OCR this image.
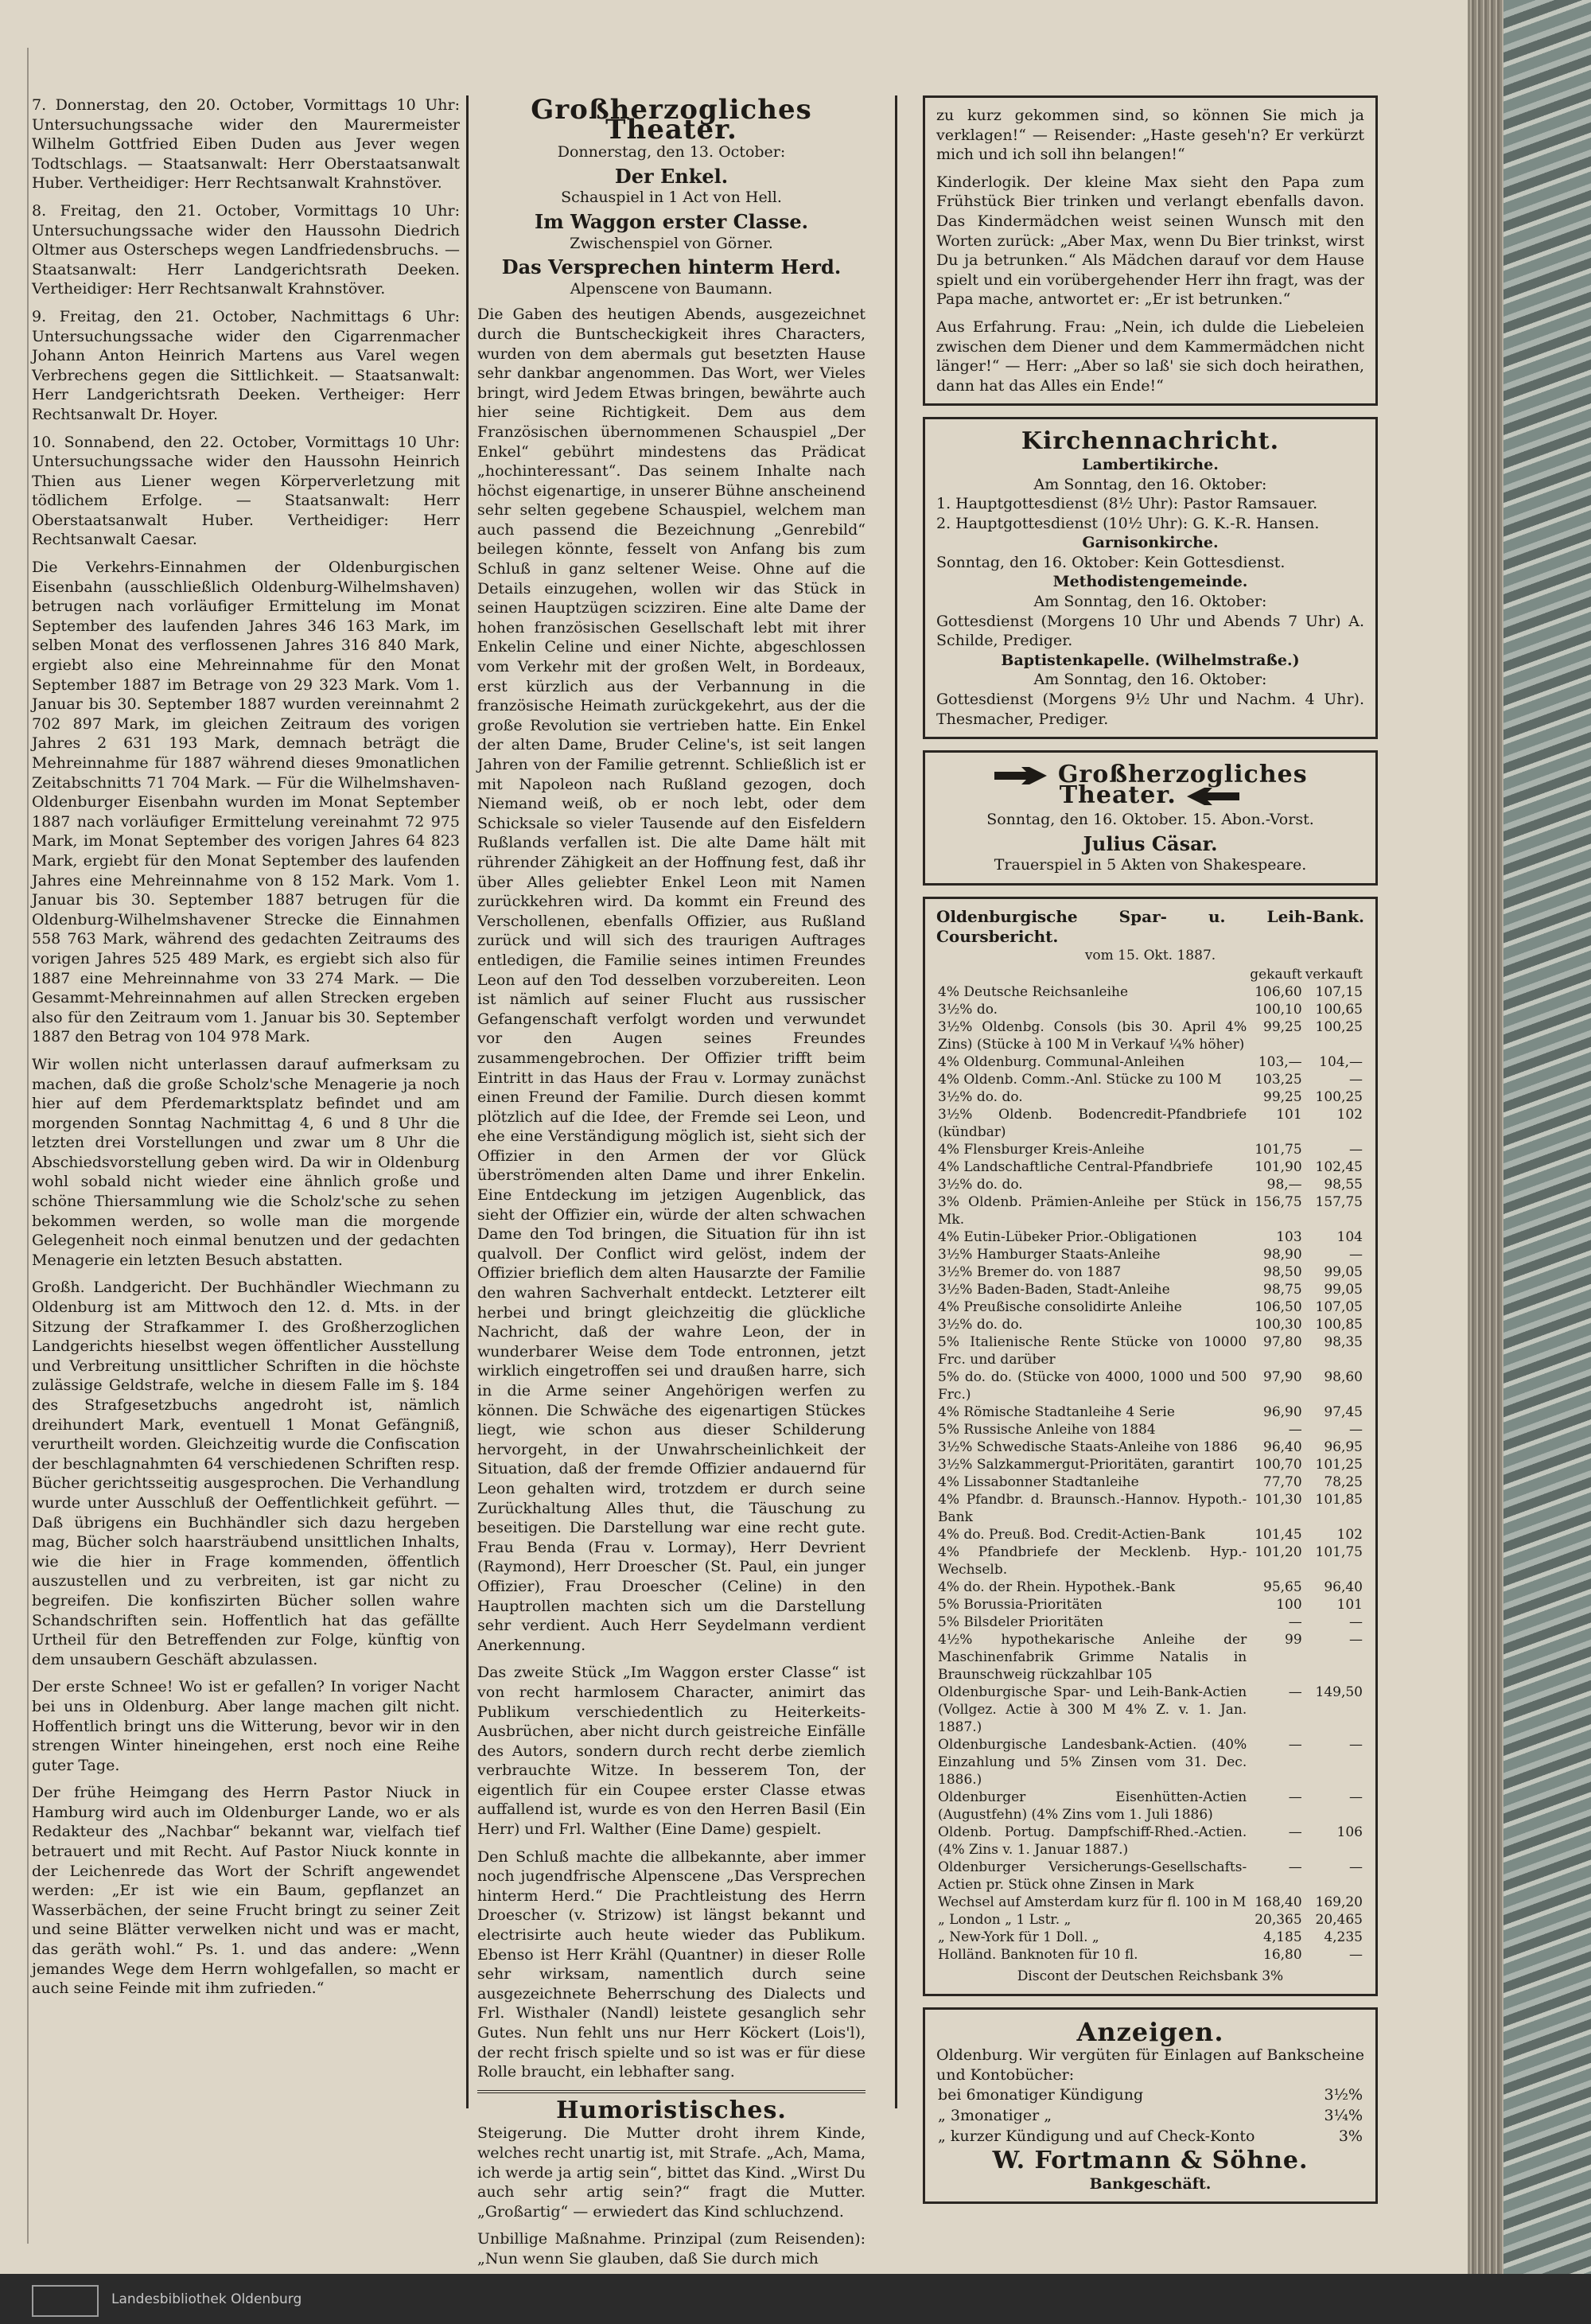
7. Donnerstag, den 20. October, Vormittags 10 Uhr: Untersuchungssache wider den Maurermeister Wilhelm Gottfried Eiben Duden aus Jever wegen Todtschlags. — Staatsanwalt: Herr Oberstaatsanwalt Huber. Vertheidiger: Herr Rechtsanwalt Krahnstöver.

8. Freitag, den 21. October, Vormittags 10 Uhr: Untersuchungssache wider den Haussohn Diedrich Oltmer aus Osterscheps wegen Landfriedensbruchs. — Staatsanwalt: Herr Landgerichtsrath Deeken. Vertheidiger: Herr Rechtsanwalt Krahnstöver.

9. Freitag, den 21. October, Nachmittags 6 Uhr: Untersuchungssache wider den Cigarrenmacher Johann Anton Heinrich Martens aus Varel wegen Verbrechens gegen die Sittlichkeit. — Staatsanwalt: Herr Landgerichtsrath Deeken. Vertheiger: Herr Rechtsanwalt Dr. Hoyer.

10. Sonnabend, den 22. October, Vormittags 10 Uhr: Untersuchungssache wider den Haussohn Heinrich Thien aus Liener wegen Körperverletzung mit tödlichem Erfolge. — Staatsanwalt: Herr Oberstaatsanwalt Huber. Vertheidiger: Herr Rechtsanwalt Caesar.

Die Verkehrs-Einnahmen der Oldenburgischen Eisenbahn (ausschließlich Oldenburg-Wilhelmshaven) betrugen nach vorläufiger Ermittelung im Monat September des laufenden Jahres 346 163 Mark, im selben Monat des verflossenen Jahres 316 840 Mark, ergiebt also eine Mehreinnahme für den Monat September 1887 im Betrage von 29 323 Mark. Vom 1. Januar bis 30. September 1887 wurden vereinnahmt 2 702 897 Mark, im gleichen Zeitraum des vorigen Jahres 2 631 193 Mark, demnach beträgt die Mehreinnahme für 1887 während dieses 9monatlichen Zeitabschnitts 71 704 Mark. — Für die Wilhelmshaven-Oldenburger Eisenbahn wurden im Monat September 1887 nach vorläufiger Ermittelung vereinahmt 72 975 Mark, im Monat September des vorigen Jahres 64 823 Mark, ergiebt für den Monat September des laufenden Jahres eine Mehreinnahme von 8 152 Mark. Vom 1. Januar bis 30. September 1887 betrugen für die Oldenburg-Wilhelmshavener Strecke die Einnahmen 558 763 Mark, während des gedachten Zeitraums des vorigen Jahres 525 489 Mark, es ergiebt sich also für 1887 eine Mehreinnahme von 33 274 Mark. — Die Gesammt-Mehreinnahmen auf allen Strecken ergeben also für den Zeitraum vom 1. Januar bis 30. September 1887 den Betrag von 104 978 Mark.

Wir wollen nicht unterlassen darauf aufmerksam zu machen, daß die große Scholz'sche Menagerie ja noch hier auf dem Pferdemarktsplatz befindet und am morgenden Sonntag Nachmittag 4, 6 und 8 Uhr die letzten drei Vorstellungen und zwar um 8 Uhr die Abschiedsvorstellung geben wird. Da wir in Oldenburg wohl sobald nicht wieder eine ähnlich große und schöne Thiersammlung wie die Scholz'sche zu sehen bekommen werden, so wolle man die morgende Gelegenheit noch einmal benutzen und der gedachten Menagerie ein letzten Besuch abstatten.

Großh. Landgericht. Der Buchhändler Wiechmann zu Oldenburg ist am Mittwoch den 12. d. Mts. in der Sitzung der Strafkammer I. des Großherzoglichen Landgerichts hieselbst wegen öffentlicher Ausstellung und Verbreitung unsittlicher Schriften in die höchste zulässige Geldstrafe, welche in diesem Falle im §. 184 des Strafgesetzbuchs angedroht ist, nämlich dreihundert Mark, eventuell 1 Monat Gefängniß, verurtheilt worden. Gleichzeitig wurde die Confiscation der beschlagnahmten 64 verschiedenen Schriften resp. Bücher gerichtsseitig ausgesprochen. Die Verhandlung wurde unter Ausschluß der Oeffentlichkeit geführt. — Daß übrigens ein Buchhändler sich dazu hergeben mag, Bücher solch haarsträubend unsittlichen Inhalts, wie die hier in Frage kommenden, öffentlich auszustellen und zu verbreiten, ist gar nicht zu begreifen. Die konfiszirten Bücher sollen wahre Schandschriften sein. Hoffentlich hat das gefällte Urtheil für den Betreffenden zur Folge, künftig von dem unsaubern Geschäft abzulassen.

Der erste Schnee! Wo ist er gefallen? In voriger Nacht bei uns in Oldenburg. Aber lange machen gilt nicht. Hoffentlich bringt uns die Witterung, bevor wir in den strengen Winter hineingehen, erst noch eine Reihe guter Tage.

Der frühe Heimgang des Herrn Pastor Niuck in Hamburg wird auch im Oldenburger Lande, wo er als Redakteur des „Nachbar“ bekannt war, vielfach tief betrauert und mit Recht. Auf Pastor Niuck konnte in der Leichenrede das Wort der Schrift angewendet werden: „Er ist wie ein Baum, gepflanzet an Wasserbächen, der seine Frucht bringt zu seiner Zeit und seine Blätter verwelken nicht und was er macht, das geräth wohl.“ Ps. 1. und das andere: „Wenn jemandes Wege dem Herrn wohlgefallen, so macht er auch seine Feinde mit ihm zufrieden.“

Großherzogliches Theater.
Donnerstag, den 13. October:
Der Enkel.
Schauspiel in 1 Act von Hell.
Im Waggon erster Classe.
Zwischenspiel von Görner.
Das Versprechen hinterm Herd.
Alpenscene von Baumann.

Die Gaben des heutigen Abends, ausgezeichnet durch die Buntscheckigkeit ihres Characters, wurden von dem abermals gut besetzten Hause sehr dankbar angenommen. Das Wort, wer Vieles bringt, wird Jedem Etwas bringen, bewährte auch hier seine Richtigkeit. Dem aus dem Französischen übernommenen Schauspiel „Der Enkel“ gebührt mindestens das Prädicat „hochinteressant“. Das seinem Inhalte nach höchst eigenartige, in unserer Bühne anscheinend sehr selten gegebene Schauspiel, welchem man auch passend die Bezeichnung „Genrebild“ beilegen könnte, fesselt von Anfang bis zum Schluß in ganz seltener Weise. Ohne auf die Details einzugehen, wollen wir das Stück in seinen Hauptzügen scizziren. Eine alte Dame der hohen französischen Gesellschaft lebt mit ihrer Enkelin Celine und einer Nichte, abgeschlossen vom Verkehr mit der großen Welt, in Bordeaux, erst kürzlich aus der Verbannung in die französische Heimath zurückgekehrt, aus der die große Revolution sie vertrieben hatte. Ein Enkel der alten Dame, Bruder Celine's, ist seit langen Jahren von der Familie getrennt. Schließlich ist er mit Napoleon nach Rußland gezogen, doch Niemand weiß, ob er noch lebt, oder dem Schicksale so vieler Tausende auf den Eisfeldern Rußlands verfallen ist. Die alte Dame hält mit rührender Zähigkeit an der Hoffnung fest, daß ihr über Alles geliebter Enkel Leon mit Namen zurückkehren wird. Da kommt ein Freund des Verschollenen, ebenfalls Offizier, aus Rußland zurück und will sich des traurigen Auftrages entledigen, die Familie seines intimen Freundes Leon auf den Tod desselben vorzubereiten. Leon ist nämlich auf seiner Flucht aus russischer Gefangenschaft verfolgt worden und verwundet vor den Augen seines Freundes zusammengebrochen. Der Offizier trifft beim Eintritt in das Haus der Frau v. Lormay zunächst einen Freund der Familie. Durch diesen kommt plötzlich auf die Idee, der Fremde sei Leon, und ehe eine Verständigung möglich ist, sieht sich der Offizier in den Armen der vor Glück überströmenden alten Dame und ihrer Enkelin. Eine Entdeckung im jetzigen Augenblick, das sieht der Offizier ein, würde der alten schwachen Dame den Tod bringen, die Situation für ihn ist qualvoll. Der Conflict wird gelöst, indem der Offizier brieflich dem alten Hausarzte der Familie den wahren Sachverhalt entdeckt. Letzterer eilt herbei und bringt gleichzeitig die glückliche Nachricht, daß der wahre Leon, der in wunderbarer Weise dem Tode entronnen, jetzt wirklich eingetroffen sei und draußen harre, sich in die Arme seiner Angehörigen werfen zu können. Die Schwäche des eigenartigen Stückes liegt, wie schon aus dieser Schilderung hervorgeht, in der Unwahrscheinlichkeit der Situation, daß der fremde Offizier andauernd für Leon gehalten wird, trotzdem er durch seine Zurückhaltung Alles thut, die Täuschung zu beseitigen. Die Darstellung war eine recht gute. Frau Benda (Frau v. Lormay), Herr Devrient (Raymond), Herr Droescher (St. Paul, ein junger Offizier), Frau Droescher (Celine) in den Hauptrollen machten sich um die Darstellung sehr verdient. Auch Herr Seydelmann verdient Anerkennung.

Das zweite Stück „Im Waggon erster Classe“ ist von recht harmlosem Character, animirt das Publikum verschiedentlich zu Heiterkeits-Ausbrüchen, aber nicht durch geistreiche Einfälle des Autors, sondern durch recht derbe ziemlich verbrauchte Witze. In besserem Ton, der eigentlich für ein Coupee erster Classe etwas auffallend ist, wurde es von den Herren Basil (Ein Herr) und Frl. Walther (Eine Dame) gespielt.

Den Schluß machte die allbekannte, aber immer noch jugendfrische Alpenscene „Das Versprechen hinterm Herd.“ Die Prachtleistung des Herrn Droescher (v. Strizow) ist längst bekannt und electrisirte auch heute wieder das Publikum. Ebenso ist Herr Krähl (Quantner) in dieser Rolle sehr wirksam, namentlich durch seine ausgezeichnete Beherrschung des Dialects und Frl. Wisthaler (Nandl) leistete gesanglich sehr Gutes. Nun fehlt uns nur Herr Köckert (Lois'l), der recht frisch spielte und so ist was er für diese Rolle braucht, ein lebhafter sang.

Humoristisches.

Steigerung. Die Mutter droht ihrem Kinde, welches recht unartig ist, mit Strafe. „Ach, Mama, ich werde ja artig sein“, bittet das Kind. „Wirst Du auch sehr artig sein?“ fragt die Mutter. „Großartig“ — erwiedert das Kind schluchzend.

Unbillige Maßnahme. Prinzipal (zum Reisenden): „Nun wenn Sie glauben, daß Sie durch mich

zu kurz gekommen sind, so können Sie mich ja verklagen!“ — Reisender: „Haste geseh'n? Er verkürzt mich und ich soll ihn belangen!“

Kinderlogik. Der kleine Max sieht den Papa zum Frühstück Bier trinken und verlangt ebenfalls davon. Das Kindermädchen weist seinen Wunsch mit den Worten zurück: „Aber Max, wenn Du Bier trinkst, wirst Du ja betrunken.“ Als Mädchen darauf vor dem Hause spielt und ein vorübergehender Herr ihn fragt, was der Papa mache, antwortet er: „Er ist betrunken.“

Aus Erfahrung. Frau: „Nein, ich dulde die Liebeleien zwischen dem Diener und dem Kammermädchen nicht länger!“ — Herr: „Aber so laß' sie sich doch heirathen, dann hat das Alles ein Ende!“

Kirchennachricht.
Lambertikirche.
Am Sonntag, den 16. Oktober:
1. Hauptgottesdienst (8½ Uhr): Pastor Ramsauer.
2. Hauptgottesdienst (10½ Uhr): G. K.-R. Hansen.
Garnisonkirche.
Sonntag, den 16. Oktober: Kein Gottesdienst.
Methodistengemeinde.
Am Sonntag, den 16. Oktober:
Gottesdienst (Morgens 10 Uhr und Abends 7 Uhr) A. Schilde, Prediger.
Baptistenkapelle. (Wilhelmstraße.)
Am Sonntag, den 16. Oktober:
Gottesdienst (Morgens 9½ Uhr und Nachm. 4 Uhr). Thesmacher, Prediger.
Großherzogliches Theater.
Sonntag, den 16. Oktober. 15. Abon.-Vorst.
Julius Cäsar.
Trauerspiel in 5 Akten von Shakespeare.
Oldenburgische Spar- u. Leih-Bank. Coursbericht.
vom 15. Okt. 1887.
	gekauft	verkauft
4% Deutsche Reichsanleihe	106,60	107,15
3½% do.	100,10	100,65
3½% Oldenbg. Consols (bis 30. April 4% Zins) (Stücke à 100 M in Verkauf ¼% höher)	99,25	100,25
4% Oldenburg. Communal-Anleihen	103,—	104,—
4% Oldenb. Comm.-Anl. Stücke zu 100 M	103,25	—
3½% do. do.	99,25	100,25
3½% Oldenb. Bodencredit-Pfandbriefe (kündbar)	101	102
4% Flensburger Kreis-Anleihe	101,75	—
4% Landschaftliche Central-Pfandbriefe	101,90	102,45
3½% do. do.	98,—	98,55
3% Oldenb. Prämien-Anleihe per Stück in Mk.	156,75	157,75
4% Eutin-Lübeker Prior.-Obligationen	103	104
3½% Hamburger Staats-Anleihe	98,90	—
3½% Bremer do. von 1887	98,50	99,05
3½% Baden-Baden, Stadt-Anleihe	98,75	99,05
4% Preußische consolidirte Anleihe	106,50	107,05
3½% do. do.	100,30	100,85
5% Italienische Rente Stücke von 10000 Frc. und darüber	97,80	98,35
5% do. do. (Stücke von 4000, 1000 und 500 Frc.)	97,90	98,60
4% Römische Stadtanleihe 4 Serie	96,90	97,45
5% Russische Anleihe von 1884	—	—
3½% Schwedische Staats-Anleihe von 1886	96,40	96,95
3½% Salzkammergut-Prioritäten, garantirt	100,70	101,25
4% Lissabonner Stadtanleihe	77,70	78,25
4% Pfandbr. d. Braunsch.-Hannov. Hypoth.-Bank	101,30	101,85
4% do. Preuß. Bod. Credit-Actien-Bank	101,45	102
4% Pfandbriefe der Mecklenb. Hyp.-Wechselb.	101,20	101,75
4% do. der Rhein. Hypothek.-Bank	95,65	96,40
5% Borussia-Prioritäten	100	101
5% Bilsdeler Prioritäten	—	—
4½% hypothekarische Anleihe der Maschinenfabrik Grimme Natalis in Braunschweig rückzahlbar 105	99	—
Oldenburgische Spar- und Leih-Bank-Actien (Vollgez. Actie à 300 M 4% Z. v. 1. Jan. 1887.)	—	149,50
Oldenburgische Landesbank-Actien. (40% Einzahlung und 5% Zinsen vom 31. Dec. 1886.)	—	—
Oldenburger Eisenhütten-Actien (Augustfehn) (4% Zins vom 1. Juli 1886)	—	—
Oldenb. Portug. Dampfschiff-Rhed.-Actien. (4% Zins v. 1. Januar 1887.)	—	106
Oldenburger Versicherungs-Gesellschafts-Actien pr. Stück ohne Zinsen in Mark	—	—
Wechsel auf Amsterdam kurz für fl. 100 in M	168,40	169,20
„ London „ 1 Lstr. „	20,365	20,465
„ New-York für 1 Doll. „	4,185	4,235
Holländ. Banknoten für 10 fl.	16,80	—
Discont der Deutschen Reichsbank 3%
Anzeigen.
Oldenburg. Wir vergüten für Einlagen auf Bankscheine und Kontobücher:
bei 6monatiger Kündigung	3½%
„ 3monatiger „	3¼%
„ kurzer Kündigung und auf Check-Konto	3%
W. Fortmann & Söhne.
Bankgeschäft.
Landesbibliothek Oldenburg
